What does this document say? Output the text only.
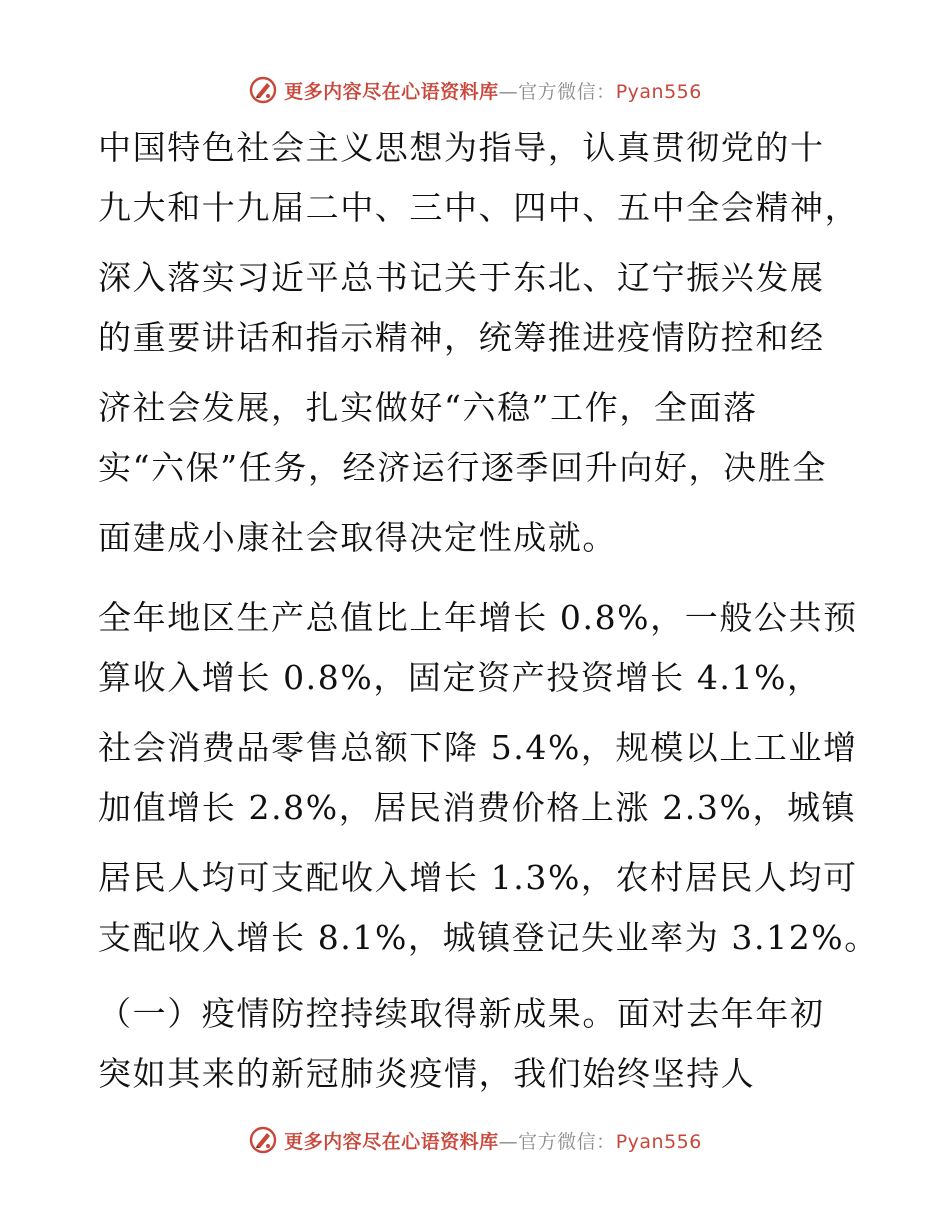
更多内容尽在心语资料库—官方微信：Pyan556
中国特色社会主义思想为指导，认真贯彻党的十
九大和十九届二中、三中、四中、五中全会精神，
深入落实习近平总书记关于东北、辽宁振兴发展
的重要讲话和指示精神，统筹推进疫情防控和经
济社会发展，扎实做好“六稳”工作，全面落
实“六保”任务，经济运行逐季回升向好，决胜全
面建成小康社会取得决定性成就。
全年地区生产总值比上年增长 0.8%，一般公共预
算收入增长 0.8%，固定资产投资增长 4.1%，
社会消费品零售总额下降 5.4%，规模以上工业增
加值增长 2.8%，居民消费价格上涨 2.3%，城镇
居民人均可支配收入增长 1.3%，农村居民人均可
支配收入增长 8.1%，城镇登记失业率为 3.12%。
（一）疫情防控持续取得新成果。面对去年年初
突如其来的新冠肺炎疫情，我们始终坚持人
更多内容尽在心语资料库—官方微信：Pyan556
